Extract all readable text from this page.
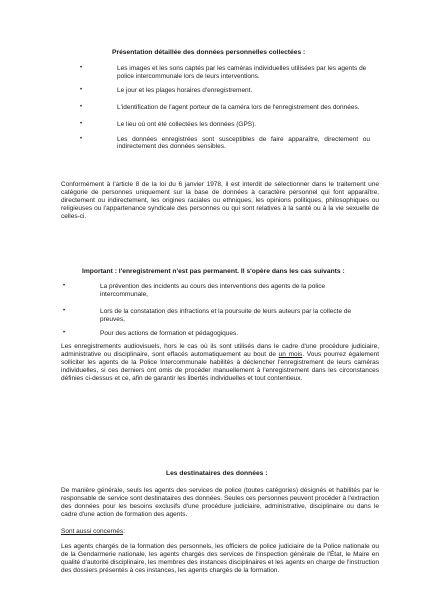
Présentation détaillée des données personnelles collectées :
•	Les images et les sons captés par les caméras individuelles utilisées par les agents de police intercommunale lors de leurs interventions.
•	Le jour et les plages horaires d'enregistrement.
•	L'identification de l'agent porteur de la caméra lors de l'enregistrement des données.
•	Le lieu où ont été collectées les données (GPS).
•	Les données enregistrées sont susceptibles de faire apparaître, directement ou indirectement des données sensibles.

Conformément à l'article 8 de la loi du 6 janvier 1978, il est interdit de sélectionner dans le traitement une catégorie de personnes uniquement sur la base de données à caractère personnel qui font apparaître, directement ou indirectement, les origines raciales ou ethniques, les opinions politiques, philosophiques ou religieuses ou l'appartenance syndicale des personnes ou qui sont relatives à la santé ou à la vie sexuelle de celles-ci.

Important : l'enregistrement n'est pas permanent. Il s'opère dans les cas suivants :
•	La prévention des incidents au cours des interventions des agents de la police intercommunale,
•	Lors de la constatation des infractions et la poursuite de leurs auteurs par la collecte de preuves,
•	Pour des actions de formation et pédagogiques.

Les enregistrements audiovisuels, hors le cas où ils sont utilisés dans le cadre d'une procédure judiciaire, administrative ou disciplinaire, sont effacés automatiquement au bout de un mois. Vous pourrez également solliciter les agents de la Police Intercommunale habilités à déclencher l'enregistrement de leurs caméras individuelles, si ces derniers ont omis de procéder manuellement à l'enregistrement dans les circonstances définies ci-dessus et ce, afin de garantir les libertés individuelles et tout contentieux.

Les destinataires des données :

De manière générale, seuls les agents des services de police (toutes catégories) désignés et habilités par le responsable de service sont destinataires des données. Seules ces personnes peuvent procéder à l'extraction des données pour les besoins exclusifs d'une procédure judiciaire, administrative, disciplinaire ou dans le cadre d'une action de formation des agents.

Sont aussi concernés:

Les agents chargés de la formation des personnels, les officiers de police judiciaire de la Police nationale ou de la Gendarmerie nationale, les agents chargés des services de l'inspection générale de l'État, le Maire en qualité d'autorité disciplinaire, les membres des instances disciplinaires et les agents en charge de l'instruction des dossiers présentés à ces instances, les agents chargés de la formation.
